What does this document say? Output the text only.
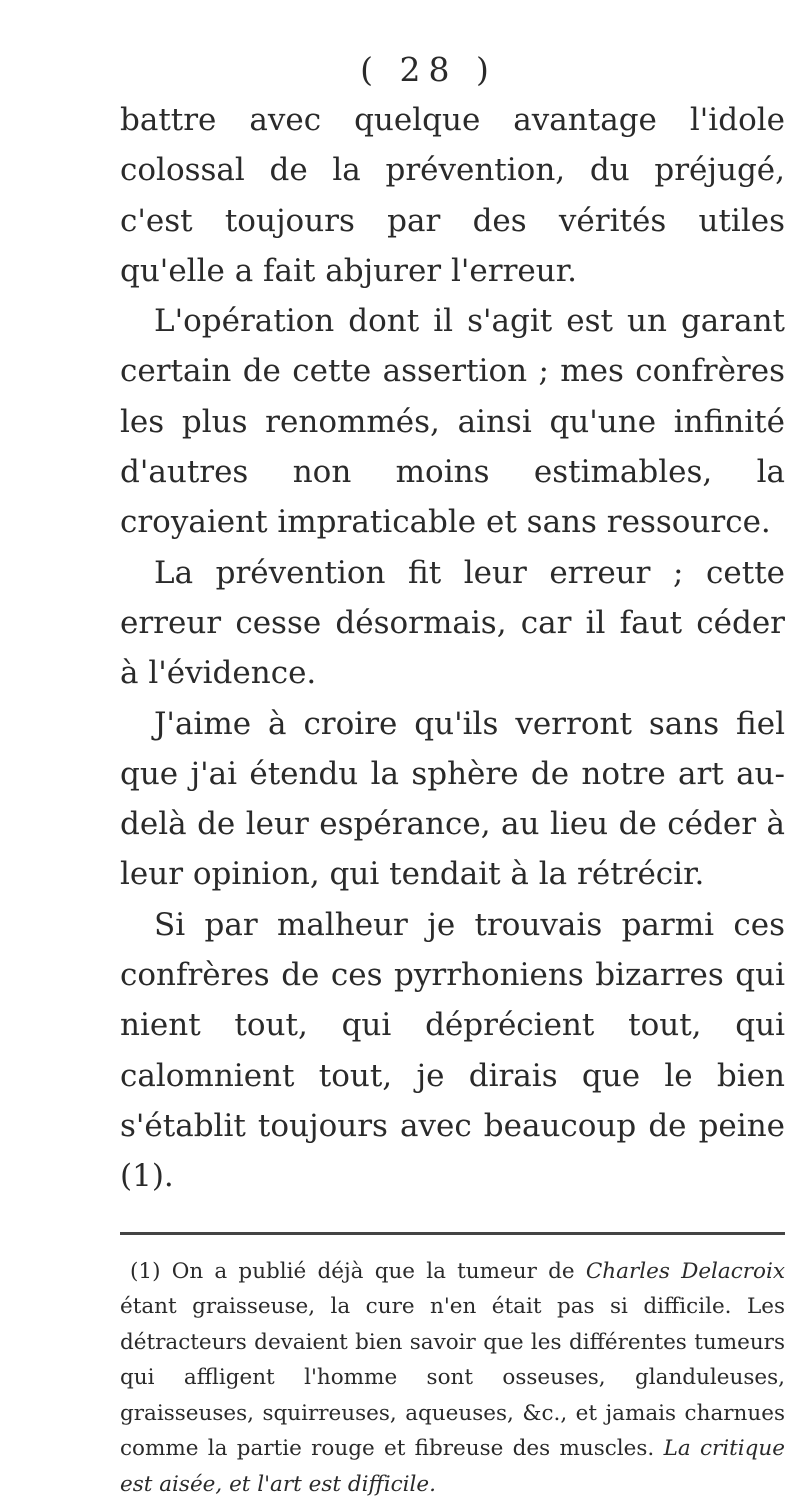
( 28 )

battre avec quelque avantage l'idole colossal de la prévention, du préjugé, c'est toujours par des vérités utiles qu'elle a fait abjurer l'erreur.

L'opération dont il s'agit est un garant certain de cette assertion ; mes confrères les plus renommés, ainsi qu'une infinité d'autres non moins estimables, la croyaient impraticable et sans ressource.

La prévention fit leur erreur ; cette erreur cesse désormais, car il faut céder à l'évidence.

J'aime à croire qu'ils verront sans fiel que j'ai étendu la sphère de notre art au-delà de leur espérance, au lieu de céder à leur opinion, qui tendait à la rétrécir.

Si par malheur je trouvais parmi ces confrères de ces pyrrhoniens bizarres qui nient tout, qui déprécient tout, qui calomnient tout, je dirais que le bien s'établit toujours avec beaucoup de peine (1).

(1) On a publié déjà que la tumeur de Charles Delacroix étant graisseuse, la cure n'en était pas si difficile. Les détracteurs devaient bien savoir que les différentes tumeurs qui affligent l'homme sont osseuses, glanduleuses, graisseuses, squirreuses, aqueuses, &c., et jamais charnues comme la partie rouge et fibreuse des muscles. La critique est aisée, et l'art est difficile.
